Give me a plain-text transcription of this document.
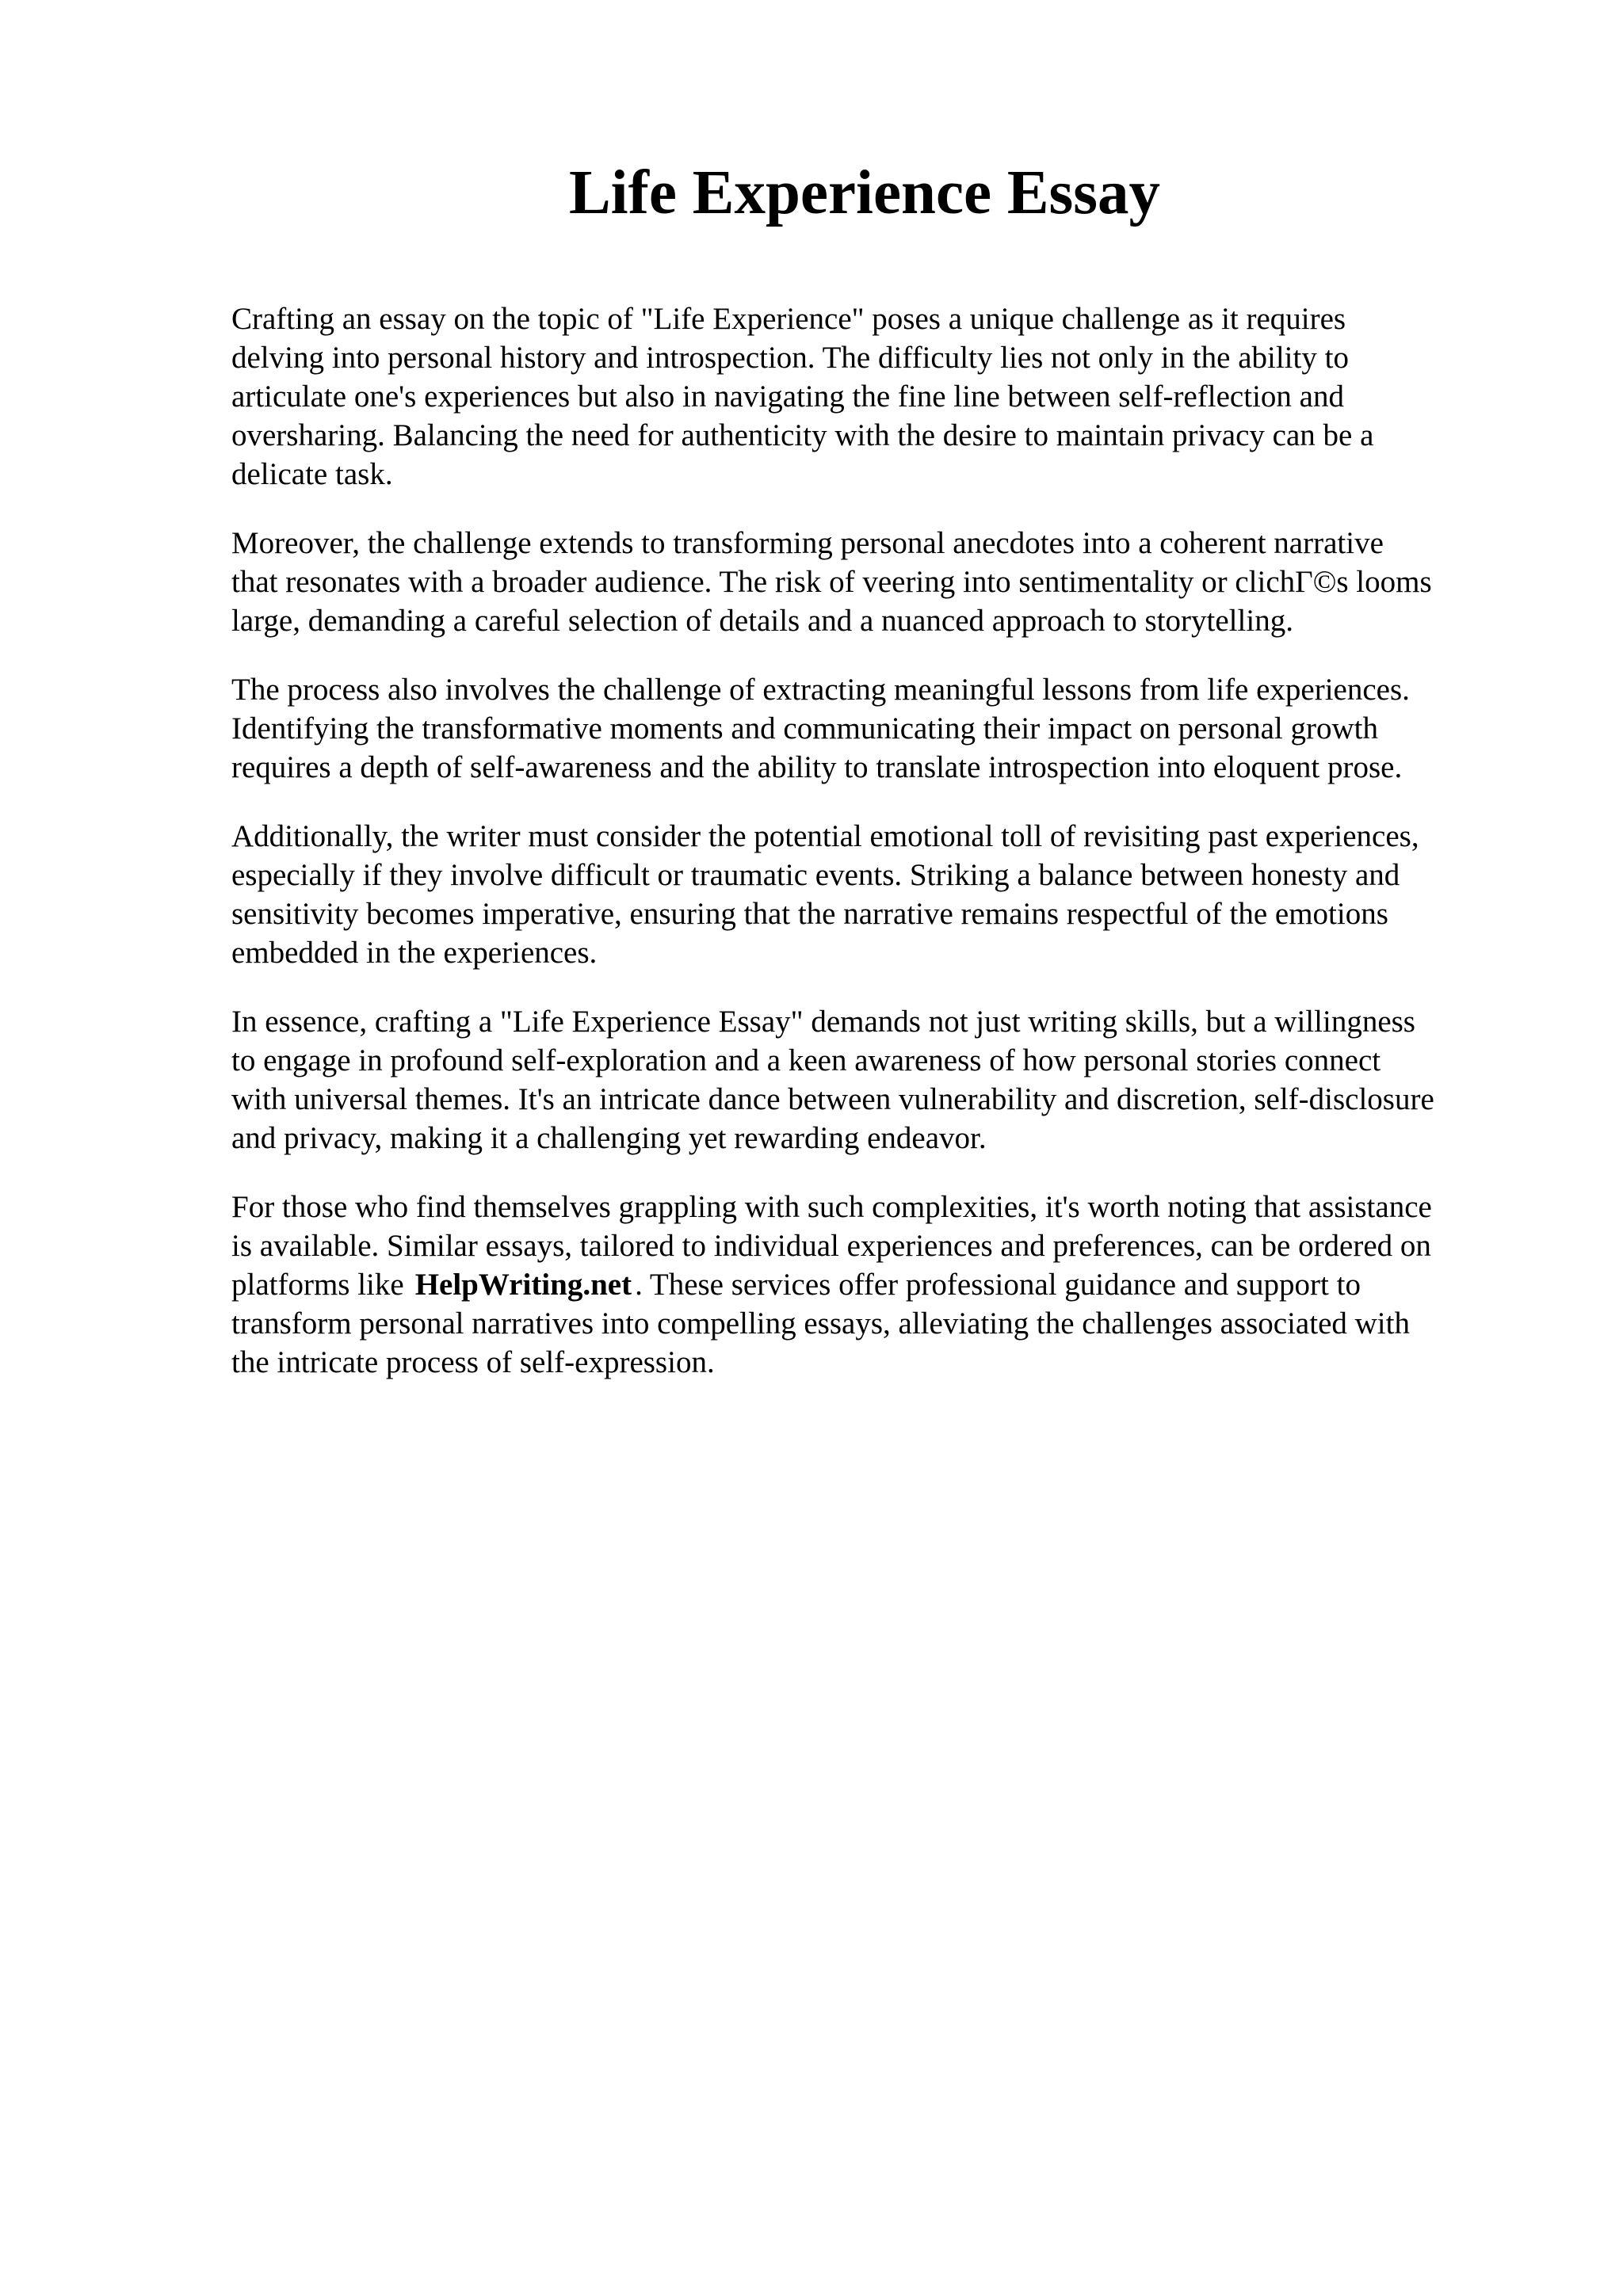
Life Experience Essay

Crafting an essay on the topic of "Life Experience" poses a unique challenge as it requires
delving into personal history and introspection. The difficulty lies not only in the ability to
articulate one's experiences but also in navigating the fine line between self-reflection and
oversharing. Balancing the need for authenticity with the desire to maintain privacy can be a
delicate task.

Moreover, the challenge extends to transforming personal anecdotes into a coherent narrative
that resonates with a broader audience. The risk of veering into sentimentality or clichГ©s looms
large, demanding a careful selection of details and a nuanced approach to storytelling.

The process also involves the challenge of extracting meaningful lessons from life experiences.
Identifying the transformative moments and communicating their impact on personal growth
requires a depth of self-awareness and the ability to translate introspection into eloquent prose.

Additionally, the writer must consider the potential emotional toll of revisiting past experiences,
especially if they involve difficult or traumatic events. Striking a balance between honesty and
sensitivity becomes imperative, ensuring that the narrative remains respectful of the emotions
embedded in the experiences.

In essence, crafting a "Life Experience Essay" demands not just writing skills, but a willingness
to engage in profound self-exploration and a keen awareness of how personal stories connect
with universal themes. It's an intricate dance between vulnerability and discretion, self-disclosure
and privacy, making it a challenging yet rewarding endeavor.

For those who find themselves grappling with such complexities, it's worth noting that assistance
is available. Similar essays, tailored to individual experiences and preferences, can be ordered on
platforms like HelpWriting.net . These services offer professional guidance and support to
transform personal narratives into compelling essays, alleviating the challenges associated with
the intricate process of self-expression.
